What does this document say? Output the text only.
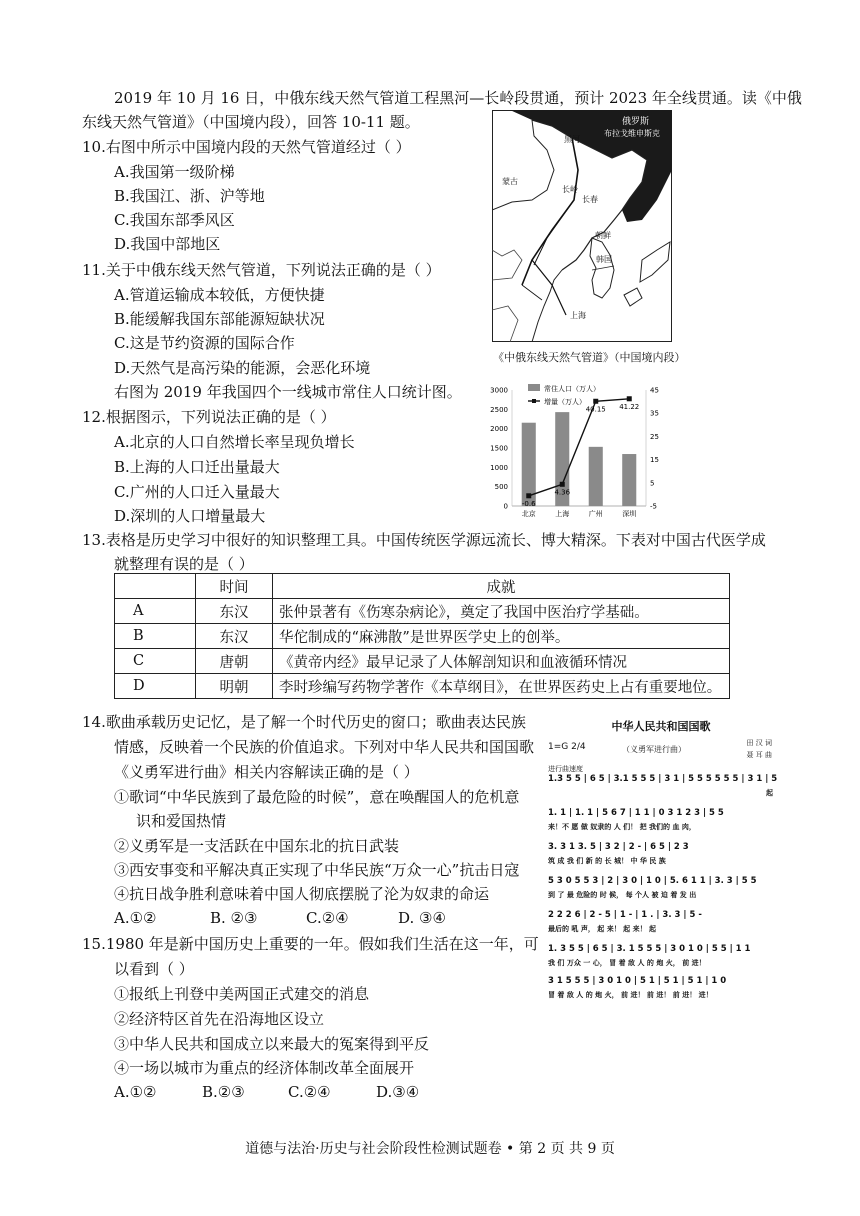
2019 年 10 月 16 日，中俄东线天然气管道工程黑河—长岭段贯通，预计 2023 年全线贯通。读《中俄
东线天然气管道》（中国境内段），回答 10-11 题。
10.右图中所示中国境内段的天然气管道经过（ ）
A.我国第一级阶梯
B.我国江、浙、沪等地
C.我国东部季风区
D.我国中部地区
11.关于中俄东线天然气管道，下列说法正确的是（ ）
A.管道运输成本较低，方便快捷
B.能缓解我国东部能源短缺状况
C.这是节约资源的国际合作
D.天然气是高污染的能源，会恶化环境
俄罗斯
布拉戈维申斯克
黑河
蒙古
长岭
长春
朝鲜
韩国
上海
《中俄东线天然气管道》（中国境内段）
右图为 2019 年我国四个一线城市常住人口统计图。	常住人口（万人）
增量（万人）
0
500
1000
1500
2000
2500
3000
-5
5
15
25
35
45
-0.6
4.36
40.15 41.22
北京	上海	广州	深圳
12.根据图示，下列说法正确的是（ ）
A.北京的人口自然增长率呈现负增长
B.上海的人口迁出量最大
C.广州的人口迁入量最大
D.深圳的人口增量最大
13.表格是历史学习中很好的知识整理工具。中国传统医学源远流长、博大精深。下表对中国古代医学成
就整理有误的是（ ）
	时间	成就
A	东汉	张仲景著有《伤寒杂病论》，奠定了我国中医治疗学基础。
B	东汉	华佗制成的“麻沸散”是世界医学史上的创举。
C	唐朝	《黄帝内经》最早记录了人体解剖知识和血液循环情况
D	明朝	李时珍编写药物学著作《本草纲目》，在世界医药史上占有重要地位。
14.歌曲承载历史记忆，是了解一个时代历史的窗口；歌曲表达民族
情感，反映着一个民族的价值追求。下列对中华人民共和国国歌
《义勇军进行曲》相关内容解读正确的是（ ）
①歌词“中华民族到了最危险的时候”，意在唤醒国人的危机意
识和爱国热情
②义勇军是一支活跃在中国东北的抗日武装
③西安事变和平解决真正实现了中华民族“万众一心”抗击日寇
④抗日战争胜利意味着中国人彻底摆脱了沦为奴隶的命运
A.①②	B. ②③	C.②④	D. ③④
中华人民共和国国歌
1=G 2/4	（义勇军进行曲）
田 汉 词
聂 耳 曲
进行曲速度
1.3 5 5 | 6 5 | 3.1 5 5 5 | 3 1 | 5 5 5 5 5 5 | 3 1 | 5
起
1. 1 | 1. 1 | 5 6 7 | 1 1 | 0 3 1 2 3 | 5 5
来！不 愿 做 奴隶的 人 们！ 把 我们的 血 肉，
3. 3 1 3. 5 | 3 2 | 2 - | 6 5 | 2 3
筑 成 我 们 新 的 长 城！ 中 华 民 族
5 3 0 5 5 3 | 2 | 3 0 | 1 0 | 5. 6 1 1 | 3. 3 | 5 5
到 了 最 危险的 时 候， 每 个人 被 迫 着 发 出
2 2 2 6 | 2 - 5 | 1 - | 1 . | 3. 3 | 5 -
最后的 吼 声， 起 来！ 起 来！ 起
1. 3 5 5 | 6 5 | 3. 1 5 5 5 | 3 0 1 0 | 5 5 | 1 1
我 们 万众 一 心， 冒 着 敌 人 的 炮 火， 前 进！
3 1 5 5 5 | 3 0 1 0 | 5 1 | 5 1 | 5 1 | 1 0
冒 着 敌 人 的 炮 火， 前 进！ 前 进！ 前 进！ 进！
15.1980 年是新中国历史上重要的一年。假如我们生活在这一年，可
以看到（ ）
①报纸上刊登中美两国正式建交的消息
②经济特区首先在沿海地区设立
③中华人民共和国成立以来最大的冤案得到平反
④一场以城市为重点的经济体制改革全面展开
A.①②	B.②③	C.②④	D.③④
道德与法治·历史与社会阶段性检测试题卷 • 第 2 页 共 9 页
